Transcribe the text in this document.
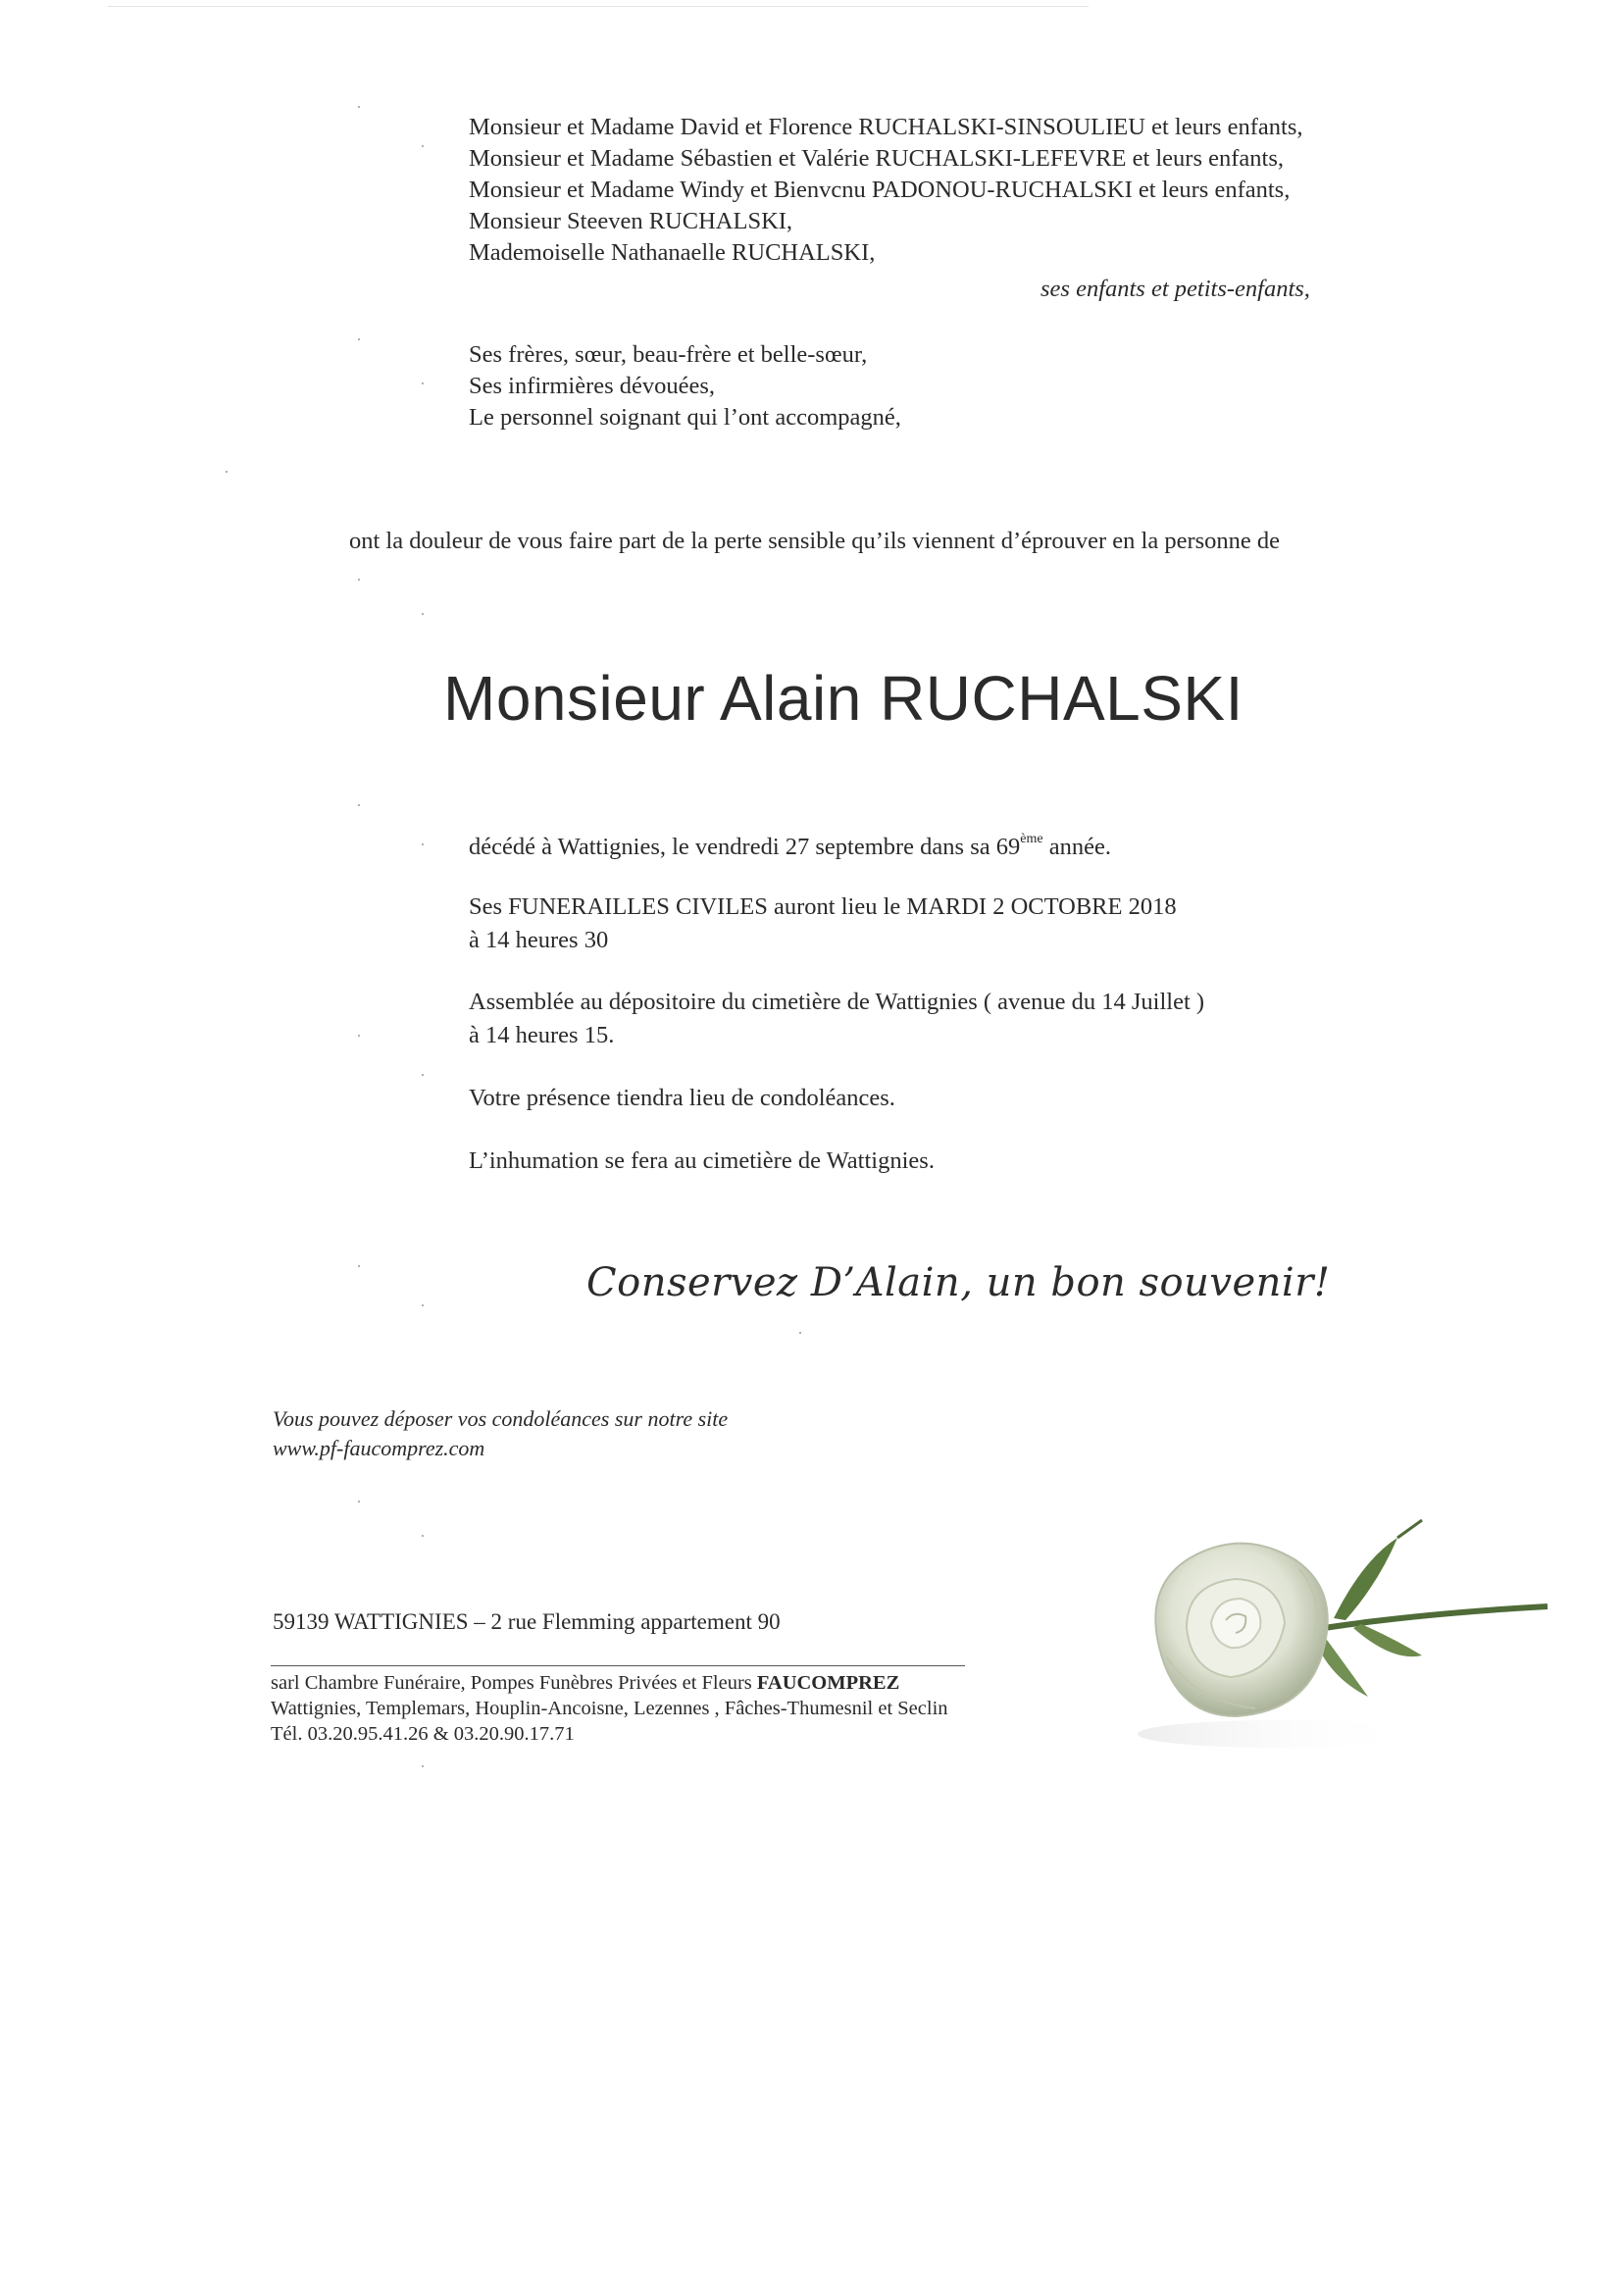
Monsieur et Madame David et Florence RUCHALSKI-SINSOULIEU et leurs enfants,
Monsieur et Madame Sébastien et Valérie RUCHALSKI-LEFEVRE et leurs enfants,
Monsieur et Madame Windy et Bienvcnu PADONOU-RUCHALSKI et leurs enfants,
Monsieur Steeven RUCHALSKI,
Mademoiselle Nathanaelle RUCHALSKI,
ses enfants et petits-enfants,
Ses frères, sœur, beau-frère et belle-sœur,
Ses infirmières dévouées,
Le personnel soignant qui l’ont accompagné,
ont la douleur de vous faire part de la perte sensible qu’ils viennent d’éprouver en la personne de
Monsieur Alain RUCHALSKI
décédé à Wattignies, le vendredi 27 septembre dans sa 69ème année.
Ses FUNERAILLES CIVILES auront lieu le MARDI 2 OCTOBRE 2018
à 14 heures 30
Assemblée au dépositoire du cimetière de Wattignies ( avenue du 14 Juillet )
à 14 heures 15.
Votre présence tiendra lieu de condoléances.
L’inhumation se fera au cimetière de Wattignies.
Conservez D’Alain, un bon souvenir!
Vous pouvez déposer vos condoléances sur notre site
www.pf-faucomprez.com
59139 WATTIGNIES – 2 rue Flemming appartement 90
sarl Chambre Funéraire, Pompes Funèbres Privées et Fleurs FAUCOMPREZ
Wattignies, Templemars, Houplin-Ancoisne, Lezennes , Fâches-Thumesnil et Seclin
Tél. 03.20.95.41.26 & 03.20.90.17.71
